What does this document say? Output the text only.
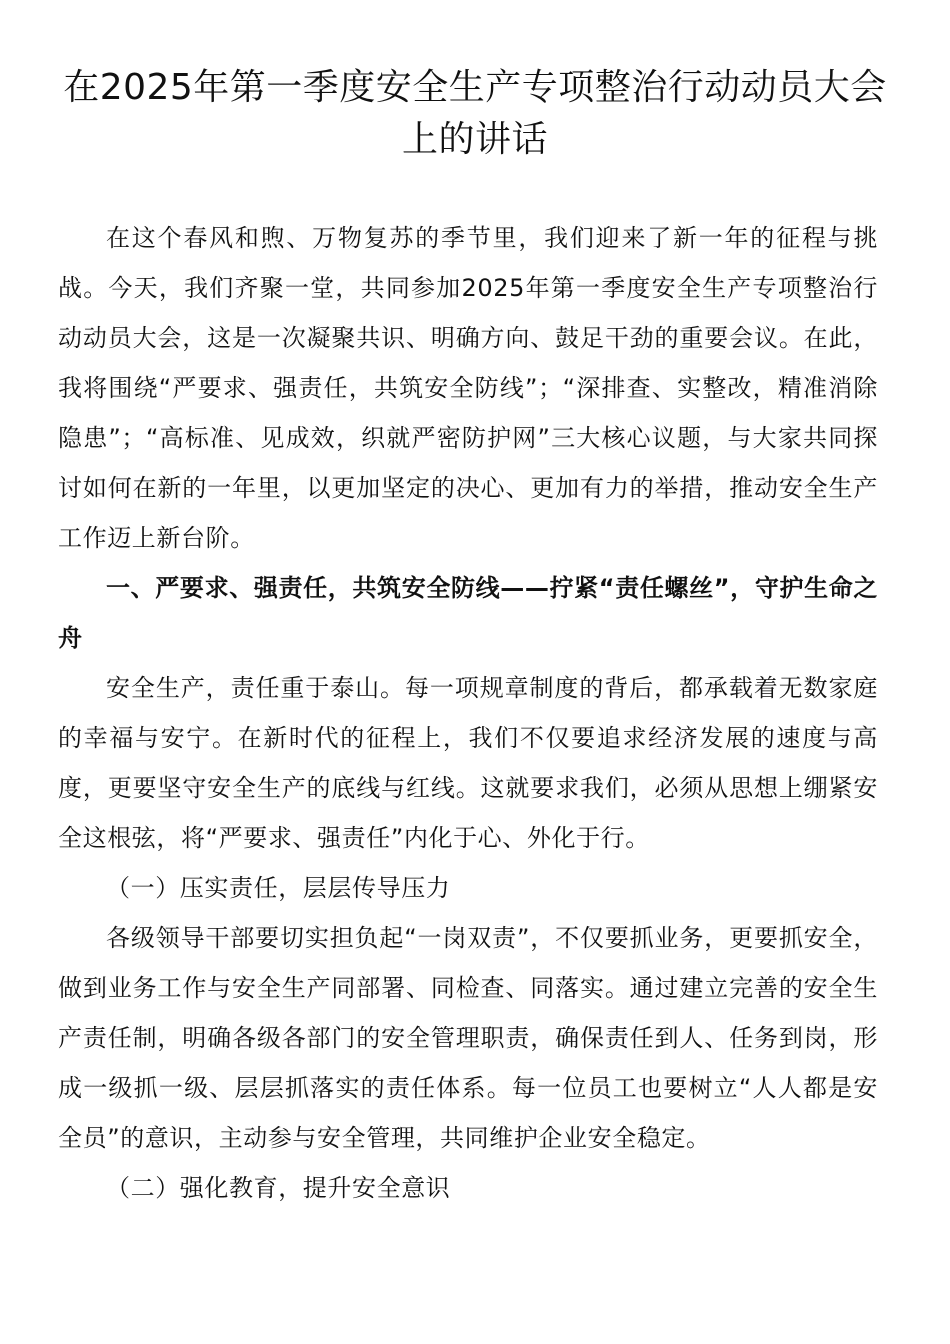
在2025年第一季度安全生产专项整治行动动员大会上的讲话

在这个春风和煦、万物复苏的季节里，我们迎来了新一年的征程与挑战。今天，我们齐聚一堂，共同参加2025年第一季度安全生产专项整治行动动员大会，这是一次凝聚共识、明确方向、鼓足干劲的重要会议。在此，我将围绕“严要求、强责任，共筑安全防线”；“深排查、实整改，精准消除隐患”；“高标准、见成效，织就严密防护网”三大核心议题，与大家共同探讨如何在新的一年里，以更加坚定的决心、更加有力的举措，推动安全生产工作迈上新台阶。

一、严要求、强责任，共筑安全防线——拧紧“责任螺丝”，守护生命之舟

安全生产，责任重于泰山。每一项规章制度的背后，都承载着无数家庭的幸福与安宁。在新时代的征程上，我们不仅要追求经济发展的速度与高度，更要坚守安全生产的底线与红线。这就要求我们，必须从思想上绷紧安全这根弦，将“严要求、强责任”内化于心、外化于行。

（一）压实责任，层层传导压力

各级领导干部要切实担负起“一岗双责”，不仅要抓业务，更要抓安全，做到业务工作与安全生产同部署、同检查、同落实。通过建立完善的安全生产责任制，明确各级各部门的安全管理职责，确保责任到人、任务到岗，形成一级抓一级、层层抓落实的责任体系。每一位员工也要树立“人人都是安全员”的意识，主动参与安全管理，共同维护企业安全稳定。

（二）强化教育，提升安全意识
